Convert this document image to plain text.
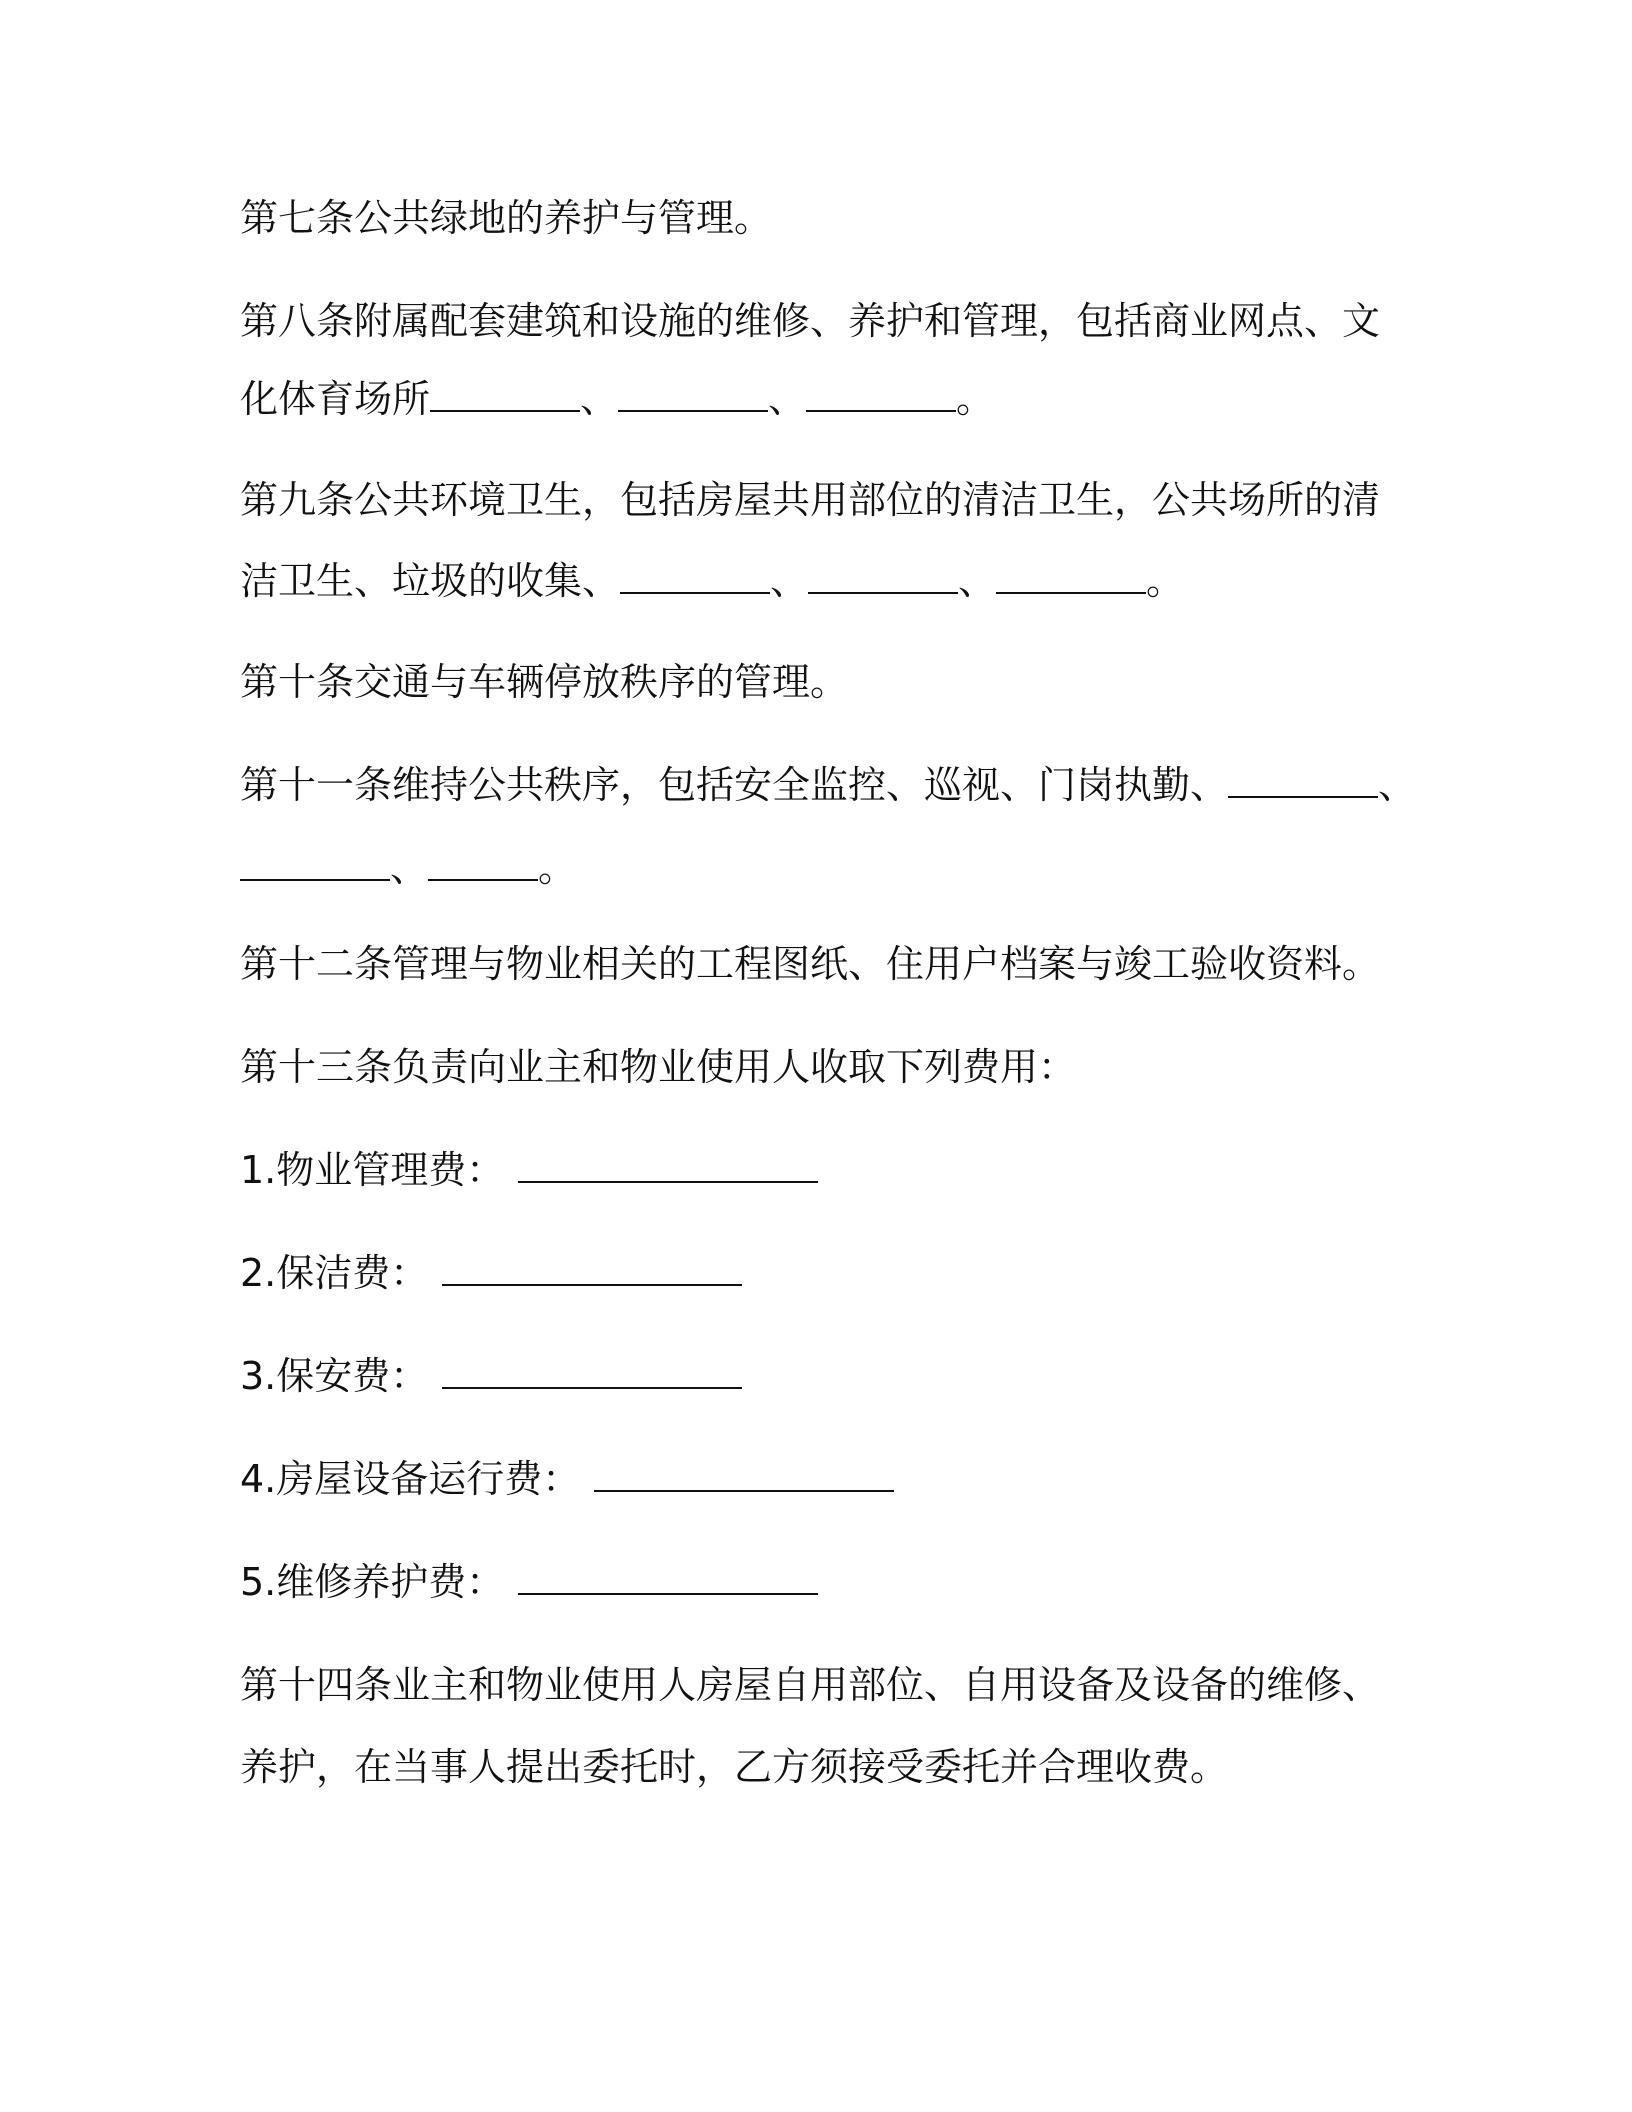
第七条公共绿地的养护与管理。
第八条附属配套建筑和设施的维修、养护和管理，包括商业网点、文
化体育场所	、	、	。
第九条公共环境卫生，包括房屋共用部位的清洁卫生，公共场所的清
洁卫生、垃圾的收集、	、	、	。
第十条交通与车辆停放秩序的管理。
第十一条维持公共秩序，包括安全监控、巡视、门岗执勤、	、
、	。
第十二条管理与物业相关的工程图纸、住用户档案与竣工验收资料。
第十三条负责向业主和物业使用人收取下列费用：
1.物业管理费：
2.保洁费：
3.保安费：
4.房屋设备运行费：
5.维修养护费：
第十四条业主和物业使用人房屋自用部位、自用设备及设备的维修、
养护，在当事人提出委托时，乙方须接受委托并合理收费。
